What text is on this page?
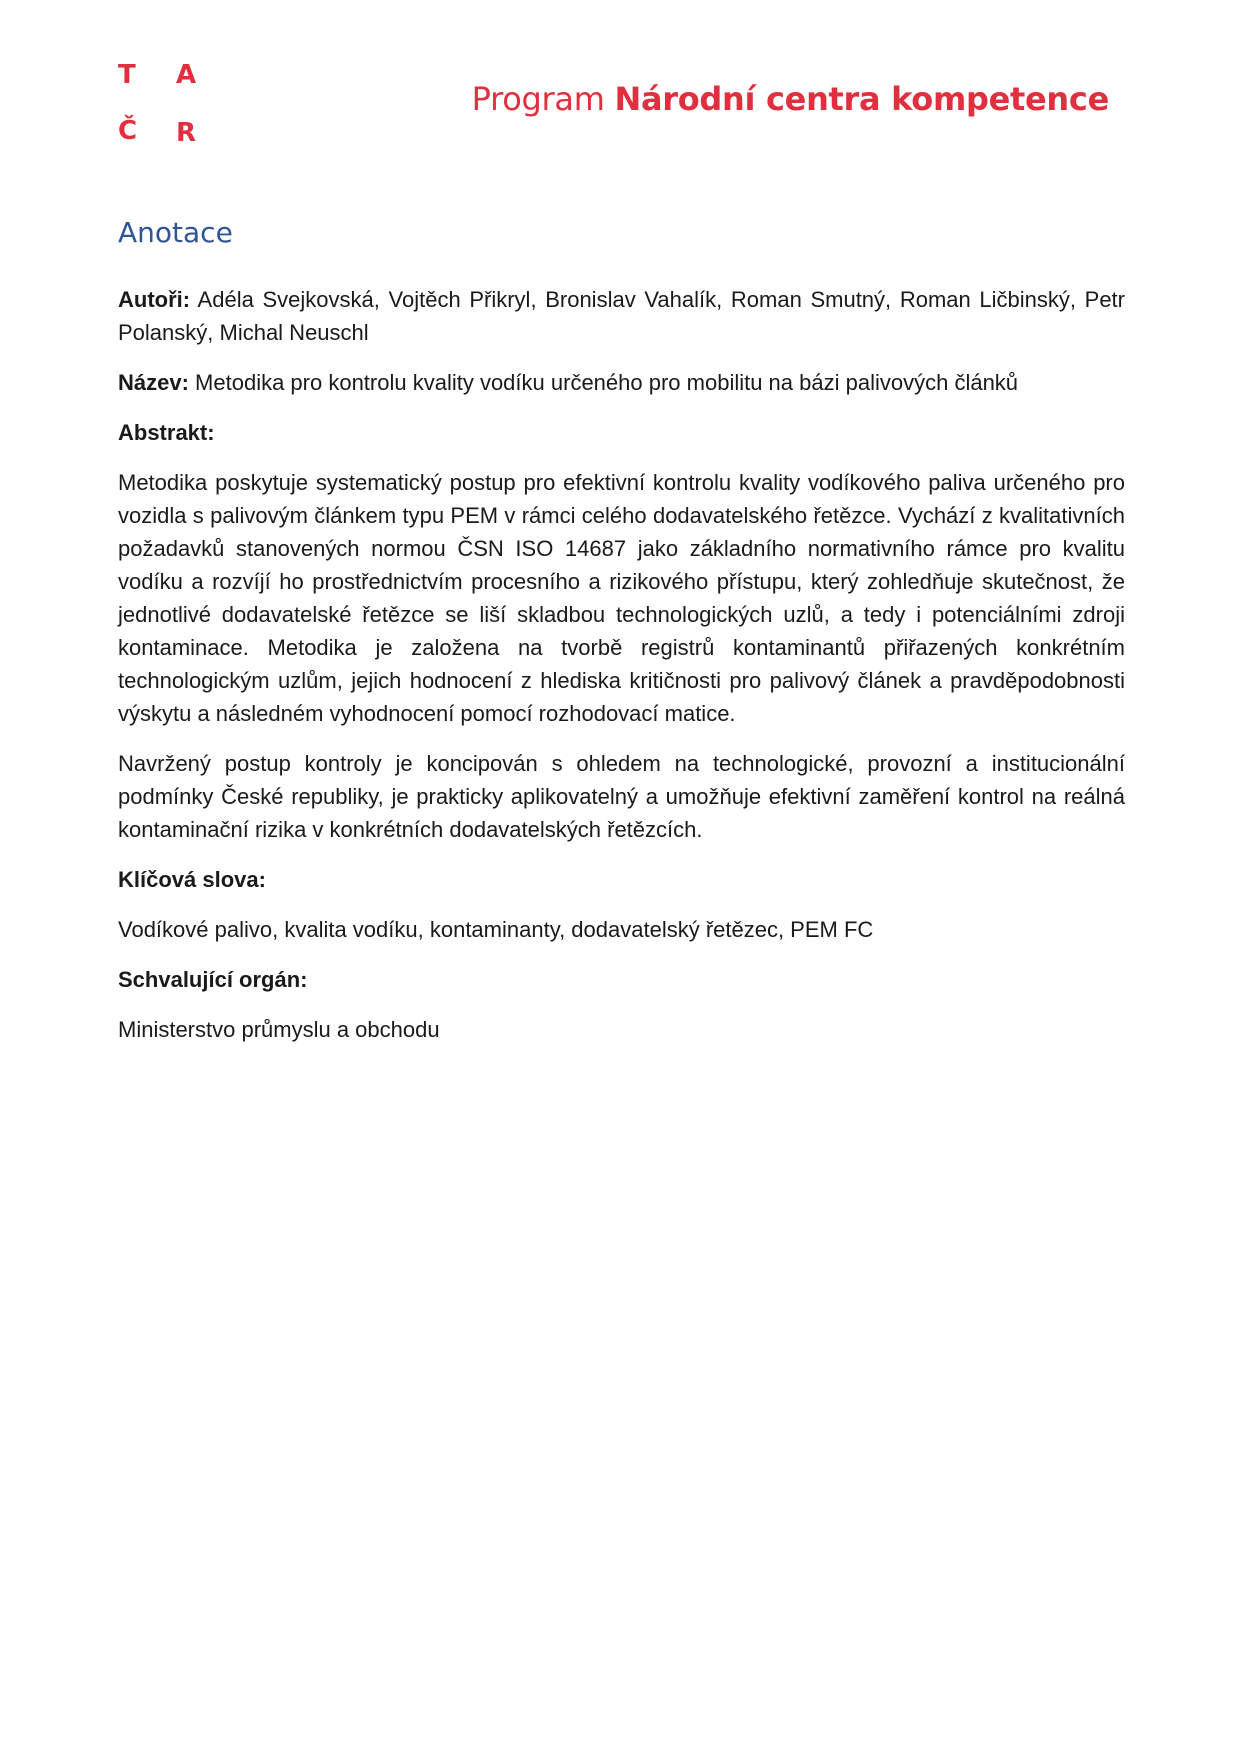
T A
Č R
Program Národní centra kompetence
Anotace

Autoři: Adéla Svejkovská, Vojtěch Přikryl, Bronislav Vahalík, Roman Smutný, Roman Ličbinský, Petr Polanský, Michal Neuschl

Název: Metodika pro kontrolu kvality vodíku určeného pro mobilitu na bázi palivových článků

Abstrakt:

Metodika poskytuje systematický postup pro efektivní kontrolu kvality vodíkového paliva určeného pro vozidla s palivovým článkem typu PEM v rámci celého dodavatelského řetězce. Vychází z kvalitativních požadavků stanovených normou ČSN ISO 14687 jako základního normativního rámce pro kvalitu vodíku a rozvíjí ho prostřednictvím procesního a rizikového přístupu, který zohledňuje skutečnost, že jednotlivé dodavatelské řetězce se liší skladbou technologických uzlů, a tedy i potenciálními zdroji kontaminace. Metodika je založena na tvorbě registrů kontaminantů přiřazených konkrétním technologickým uzlům, jejich hodnocení z hlediska kritičnosti pro palivový článek a pravděpodobnosti výskytu a následném vyhodnocení pomocí rozhodovací matice.

Navržený postup kontroly je koncipován s ohledem na technologické, provozní a institucionální podmínky České republiky, je prakticky aplikovatelný a umožňuje efektivní zaměření kontrol na reálná kontaminační rizika v konkrétních dodavatelských řetězcích.

Klíčová slova:

Vodíkové palivo, kvalita vodíku, kontaminanty, dodavatelský řetězec, PEM FC

Schvalující orgán:

Ministerstvo průmyslu a obchodu
